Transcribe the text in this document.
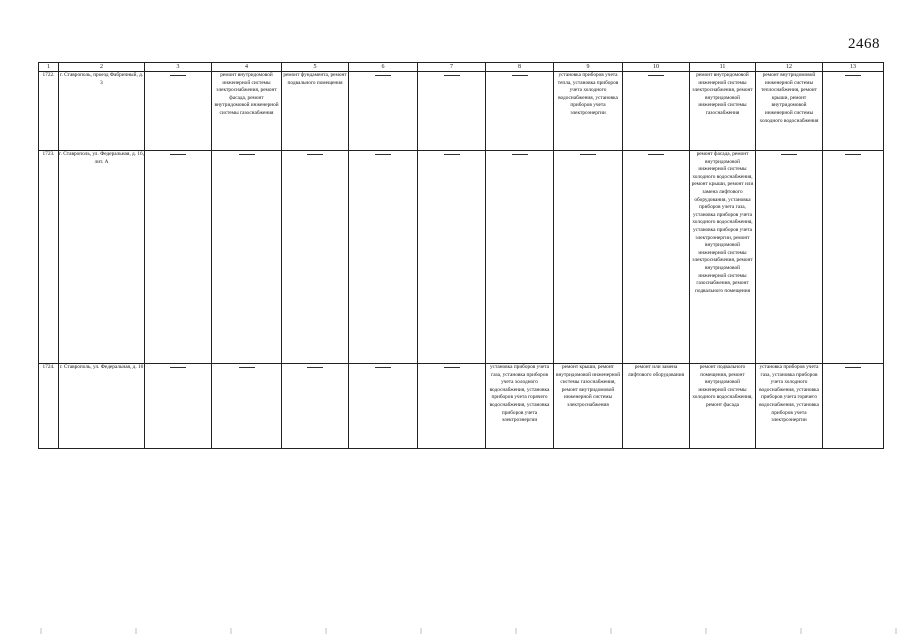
2468
1	2	3	4	5	6	7	8	9	10	11	12	13
1722.	г. Ставрополь, проезд Фабричный, д. 3		ремонт внутридомовой инженерной системы электроснабжения, ремонт фасада, ремонт внутридомовой инженерной системы газоснабжения	ремонт фундамента, ремонт подвального помещения				установка приборов учета тепла, установка приборов учета холодного водоснабжения, установка приборов учета электроэнергии		ремонт внутридомовой инженерной системы электроснабжения, ремонт внутридомовой инженерной системы газоснабжения	ремонт внутридомовой инженерной системы теплоснабжения, ремонт крыши, ремонт внутридомовой инженерной системы холодного водоснабжения	

1723.	г. Ставрополь, ул. Федеральная, д. 16, лит. А									ремонт фасада, ремонт внутридомовой инженерной системы холодного водоснабжения, ремонт крыши, ремонт или замена лифтового оборудования, установка приборов учета газа, установка приборов учета холодного водоснабжения, установка приборов учета электроэнергии, ремонт внутридомовой инженерной системы электроснабжения, ремонт внутридомовой инженерной системы газоснабжения, ремонт подвального помещения		

1724.	г. Ставрополь, ул. Федеральная, д. 16						установка приборов учета газа, установка приборов учета холодного водоснабжения, установка приборов учета горячего водоснабжения, установка приборов учета электроэнергии	ремонт крыши, ремонт внутридомовой инженерной системы газоснабжения, ремонт внутридомовой инженерной системы электроснабжения	ремонт или замена лифтового оборудования	ремонт подвального помещения, ремонт внутридомовой инженерной системы холодного водоснабжения, ремонт фасада	установка приборов учета газа, установка приборов учета холодного водоснабжения, установка приборов учета горячего водоснабжения, установка приборов учета электроэнергии	
